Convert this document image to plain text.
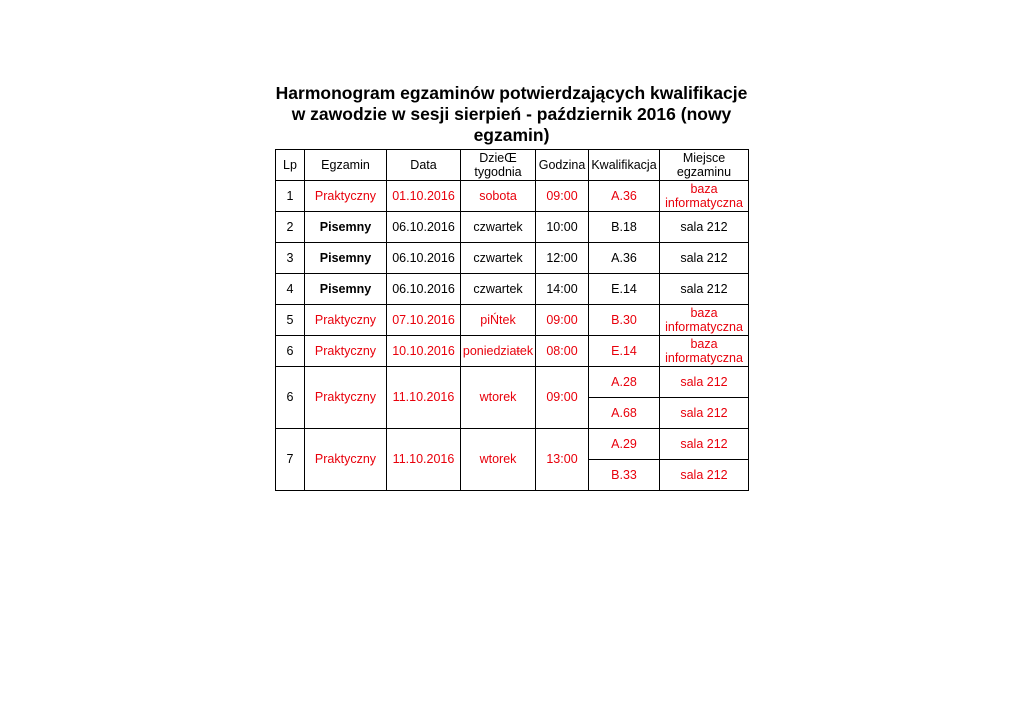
Harmonogram egzaminów potwierdzających kwalifikacje
w zawodzie w sesji sierpień - październik 2016 (nowy
egzamin)
Lp	Egzamin	Data	DzieŒ tygodnia	Godzina	Kwalifikacja	Miejsce egzaminu
1	Praktyczny	01.10.2016	sobota	09:00	A.36	baza informatyczna
2	Pisemny	06.10.2016	czwartek	10:00	B.18	sala 212
3	Pisemny	06.10.2016	czwartek	12:00	A.36	sala 212
4	Pisemny	06.10.2016	czwartek	14:00	E.14	sala 212
5	Praktyczny	07.10.2016	piŃtek	09:00	B.30	baza informatyczna
6	Praktyczny	10.10.2016	poniedziaŧek	08:00	E.14	baza informatyczna
6	Praktyczny	11.10.2016	wtorek	09:00	A.28	sala 212
					A.68	sala 212
7	Praktyczny	11.10.2016	wtorek	13:00	A.29	sala 212
					B.33	sala 212
